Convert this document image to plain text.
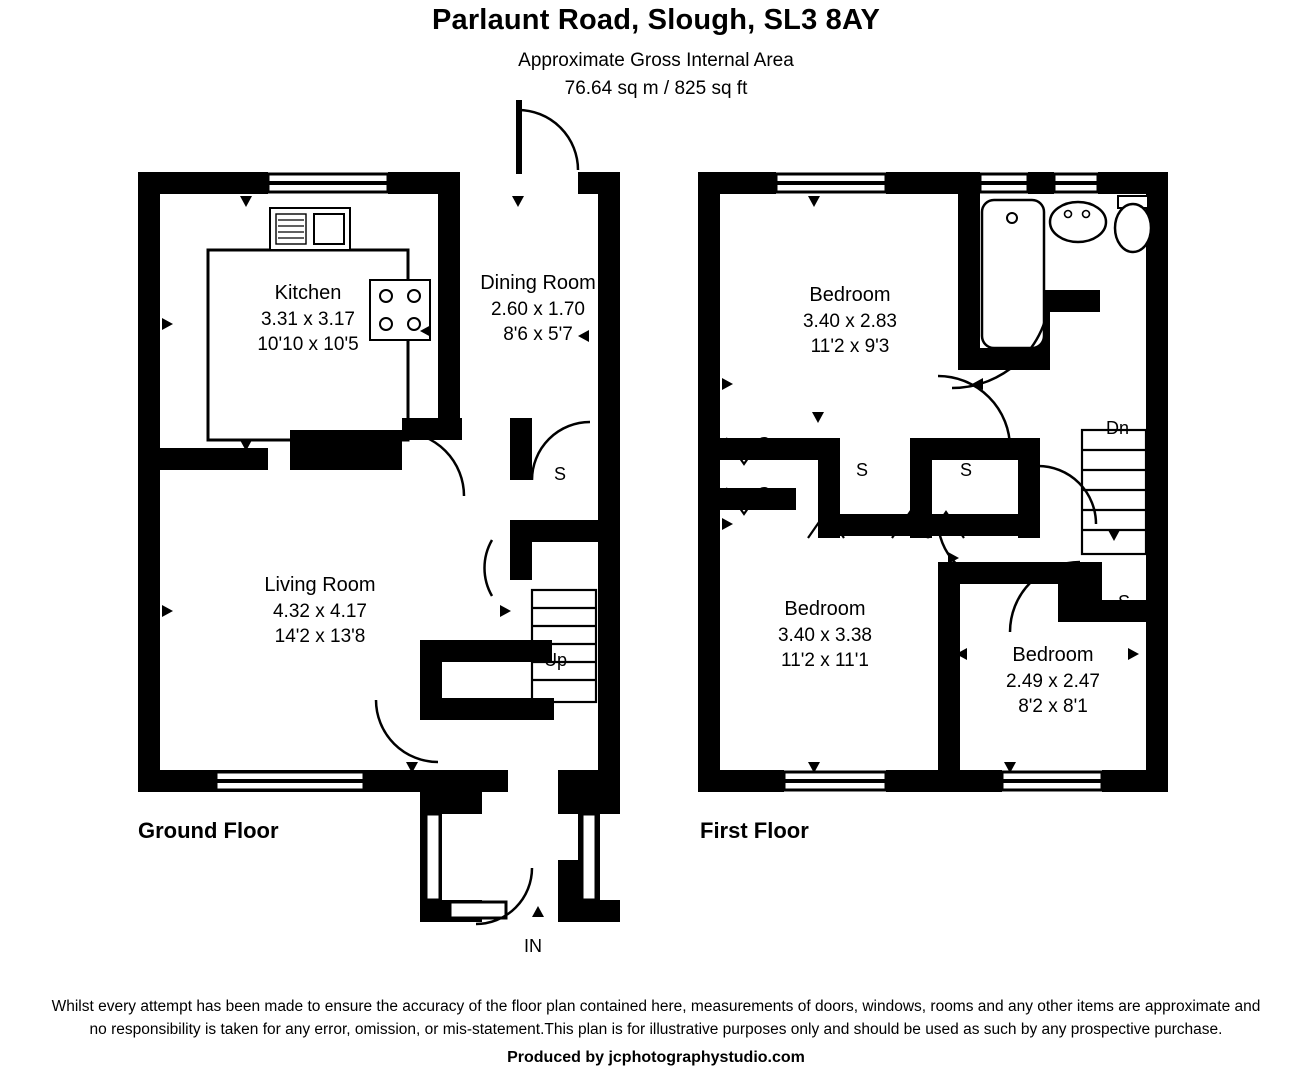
Parlaunt Road, Slough, SL3 8AY
Approximate Gross Internal Area
76.64 sq m / 825 sq ft
Kitchen
3.31 x 3.17
10'10 x 10'5
Dining Room
2.60 x 1.70
8'6 x 5'7
Living Room
4.32 x 4.17
14'2 x 13'8
S
Up
IN
Ground Floor
Bedroom
3.40 x 2.83
11'2 x 9'3
Bedroom
3.40 x 3.38
11'2 x 11'1	Bedroom
2.49 x 2.47
8'2 x 8'1
S
S
S	S
S
Dn
First Floor
Whilst every attempt has been made to ensure the accuracy of the floor plan contained here, measurements of doors, windows, rooms and any other items are approximate and
no responsibility is taken for any error, omission, or mis-statement.This plan is for illustrative purposes only and should be used as such by any prospective purchase.
Produced by jcphotographystudio.com
